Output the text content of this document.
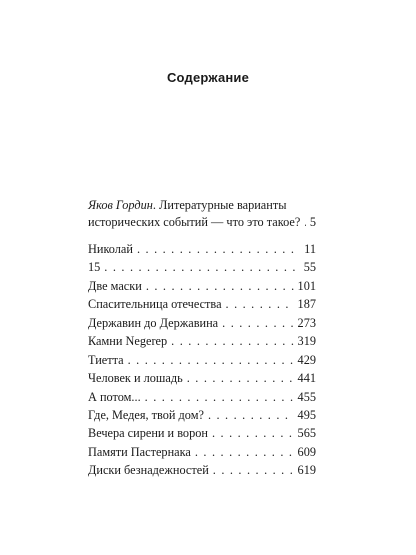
Содержание
Яков Гордин. Литературные варианты
исторических событий — что это такое? . . . 5
Николай . . .	11
15 . . .	55
Две маски . . .	101
Спасительница отечества . . .	187
Державин до Державина . . .	273
Камни Negerep . . .	319
Тиетта . . .	429
Человек и лошадь . . .	441
А потом... . . .	455
Где, Медея, твой дом? . . .	495
Вечера сирени и ворон . . .	565
Памяти Пастернака . . .	609
Диски безнадежностей . . .	619
